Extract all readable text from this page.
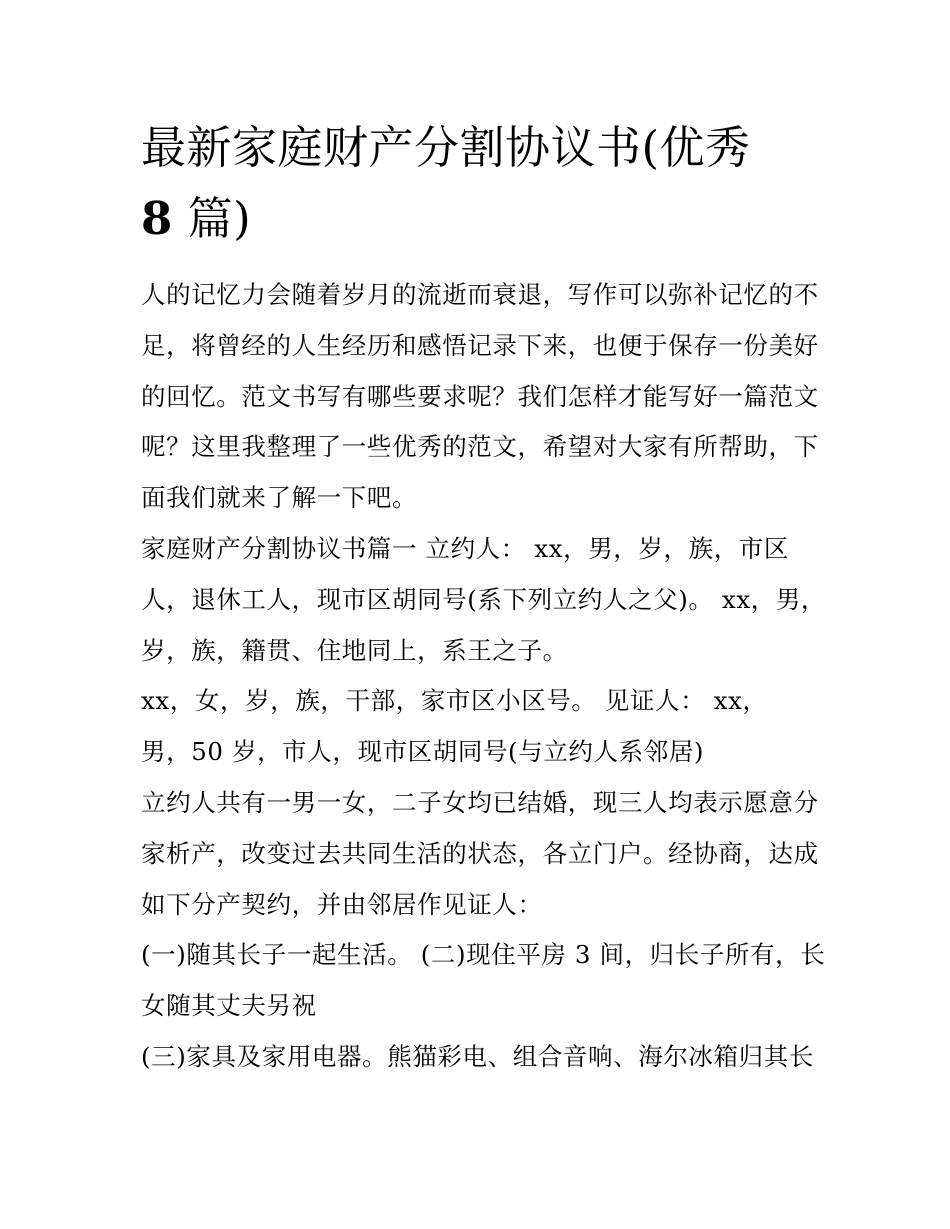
最新家庭财产分割协议书(优秀
8 篇)

人的记忆力会随着岁月的流逝而衰退，写作可以弥补记忆的不
足，将曾经的人生经历和感悟记录下来，也便于保存一份美好
的回忆。范文书写有哪些要求呢？我们怎样才能写好一篇范文
呢？这里我整理了一些优秀的范文，希望对大家有所帮助，下
面我们就来了解一下吧。

家庭财产分割协议书篇一 立约人： xx，男，岁，族，市区
人，退休工人，现市区胡同号(系下列立约人之父)。 xx，男，
岁，族，籍贯、住地同上，系王之子。

xx，女，岁，族，干部，家市区小区号。 见证人： xx，
男，50 岁，市人，现市区胡同号(与立约人系邻居)

立约人共有一男一女，二子女均已结婚，现三人均表示愿意分
家析产，改变过去共同生活的状态，各立门户。经协商，达成
如下分产契约，并由邻居作见证人：

(一)随其长子一起生活。 (二)现住平房 3 间，归长子所有，长
女随其丈夫另祝

(三)家具及家用电器。熊猫彩电、组合音响、海尔冰箱归其长
